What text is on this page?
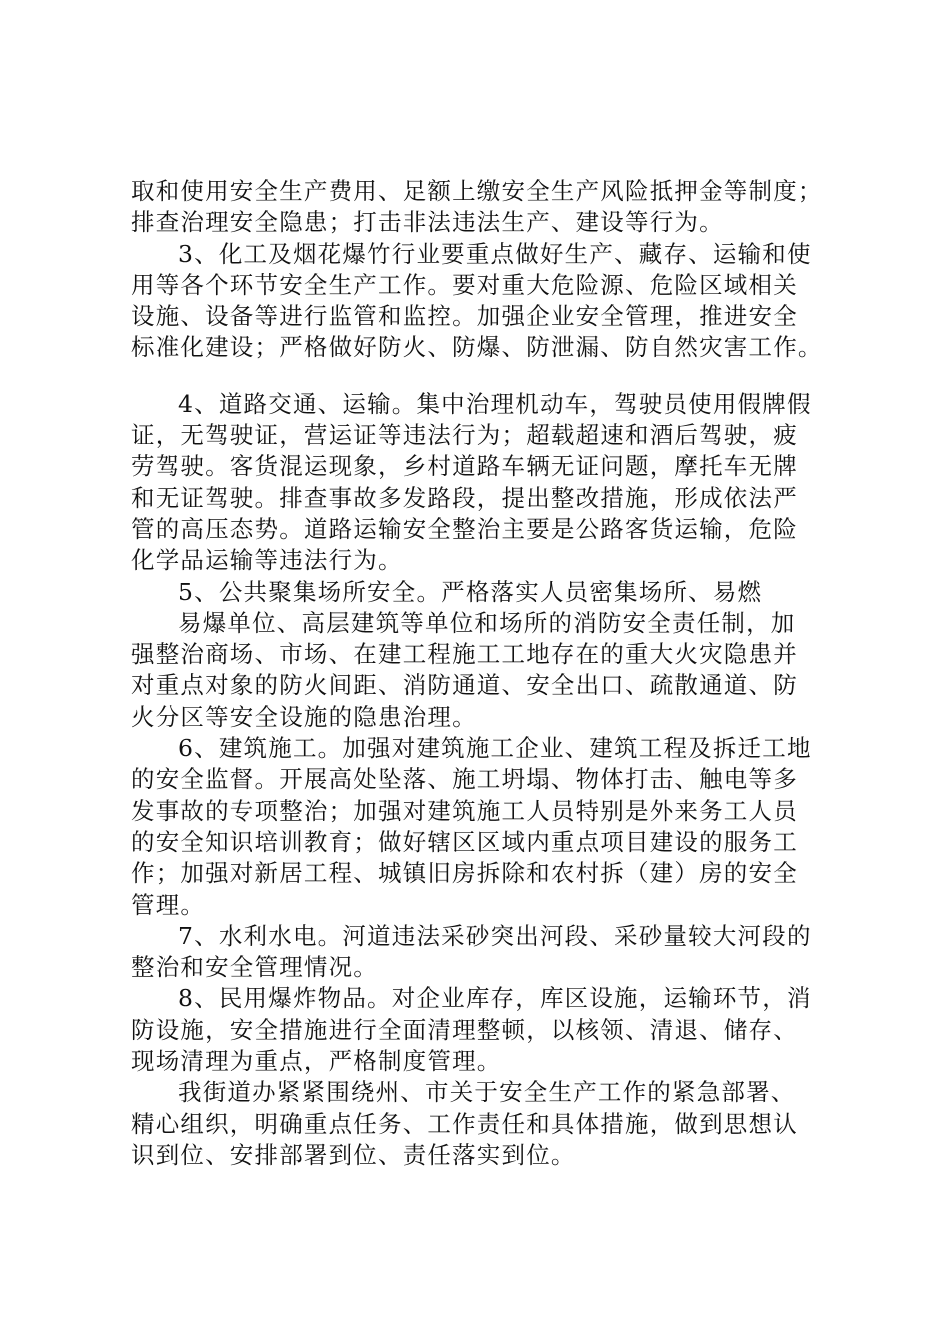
取和使用安全生产费用、足额上缴安全生产风险抵押金等制度；
排查治理安全隐患；打击非法违法生产、建设等行为。
3、化工及烟花爆竹行业要重点做好生产、藏存、运输和使
用等各个环节安全生产工作。要对重大危险源、危险区域相关
设施、设备等进行监管和监控。加强企业安全管理，推进安全
标准化建设；严格做好防火、防爆、防泄漏、防自然灾害工作。
4、道路交通、运输。集中治理机动车，驾驶员使用假牌假
证，无驾驶证，营运证等违法行为；超载超速和酒后驾驶，疲
劳驾驶。客货混运现象，乡村道路车辆无证问题，摩托车无牌
和无证驾驶。排查事故多发路段，提出整改措施，形成依法严
管的高压态势。道路运输安全整治主要是公路客货运输，危险
化学品运输等违法行为。
5、公共聚集场所安全。严格落实人员密集场所、易燃
易爆单位、高层建筑等单位和场所的消防安全责任制，加
强整治商场、市场、在建工程施工工地存在的重大火灾隐患并
对重点对象的防火间距、消防通道、安全出口、疏散通道、防
火分区等安全设施的隐患治理。
6、建筑施工。加强对建筑施工企业、建筑工程及拆迁工地
的安全监督。开展高处坠落、施工坍塌、物体打击、触电等多
发事故的专项整治；加强对建筑施工人员特别是外来务工人员
的安全知识培训教育；做好辖区区域内重点项目建设的服务工
作；加强对新居工程、城镇旧房拆除和农村拆（建）房的安全
管理。
7、水利水电。河道违法采砂突出河段、采砂量较大河段的
整治和安全管理情况。
8、民用爆炸物品。对企业库存，库区设施，运输环节，消
防设施，安全措施进行全面清理整顿，以核领、清退、储存、
现场清理为重点，严格制度管理。
我街道办紧紧围绕州、市关于安全生产工作的紧急部署、
精心组织，明确重点任务、工作责任和具体措施，做到思想认
识到位、安排部署到位、责任落实到位。
